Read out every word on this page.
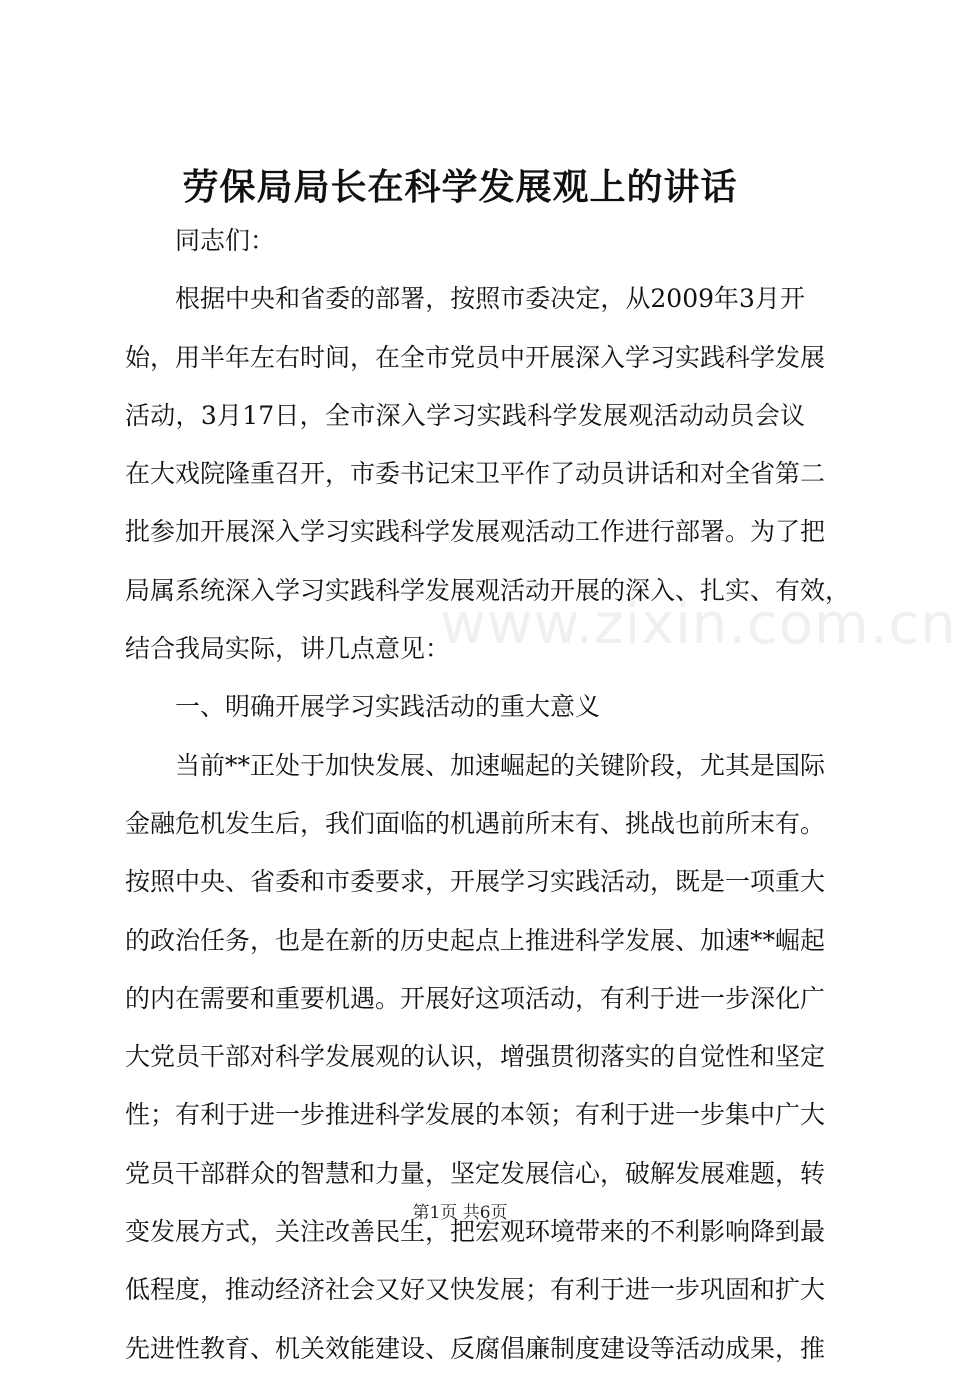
劳保局局长在科学发展观上的讲话
同志们：
根据中央和省委的部署，按照市委决定，从2009年3月开
始，用半年左右时间，在全市党员中开展深入学习实践科学发展
活动，3月17日，全市深入学习实践科学发展观活动动员会议
在大戏院隆重召开，市委书记宋卫平作了动员讲话和对全省第二
批参加开展深入学习实践科学发展观活动工作进行部署。为了把
局属系统深入学习实践科学发展观活动开展的深入、扎实、有效，
结合我局实际，讲几点意见：
一、明确开展学习实践活动的重大意义
当前**正处于加快发展、加速崛起的关键阶段，尤其是国际
金融危机发生后，我们面临的机遇前所末有、挑战也前所末有。
按照中央、省委和市委要求，开展学习实践活动，既是一项重大
的政治任务，也是在新的历史起点上推进科学发展、加速**崛起
的内在需要和重要机遇。开展好这项活动，有利于进一步深化广
大党员干部对科学发展观的认识，增强贯彻落实的自觉性和坚定
性；有利于进一步推进科学发展的本领；有利于进一步集中广大
党员干部群众的智慧和力量，坚定发展信心，破解发展难题，转
变发展方式，关注改善民生，把宏观环境带来的不利影响降到最
低程度，推动经济社会又好又快发展；有利于进一步巩固和扩大
先进性教育、机关效能建设、反腐倡廉制度建设等活动成果，推
www.zixin.com.cn
第1页 共6页
